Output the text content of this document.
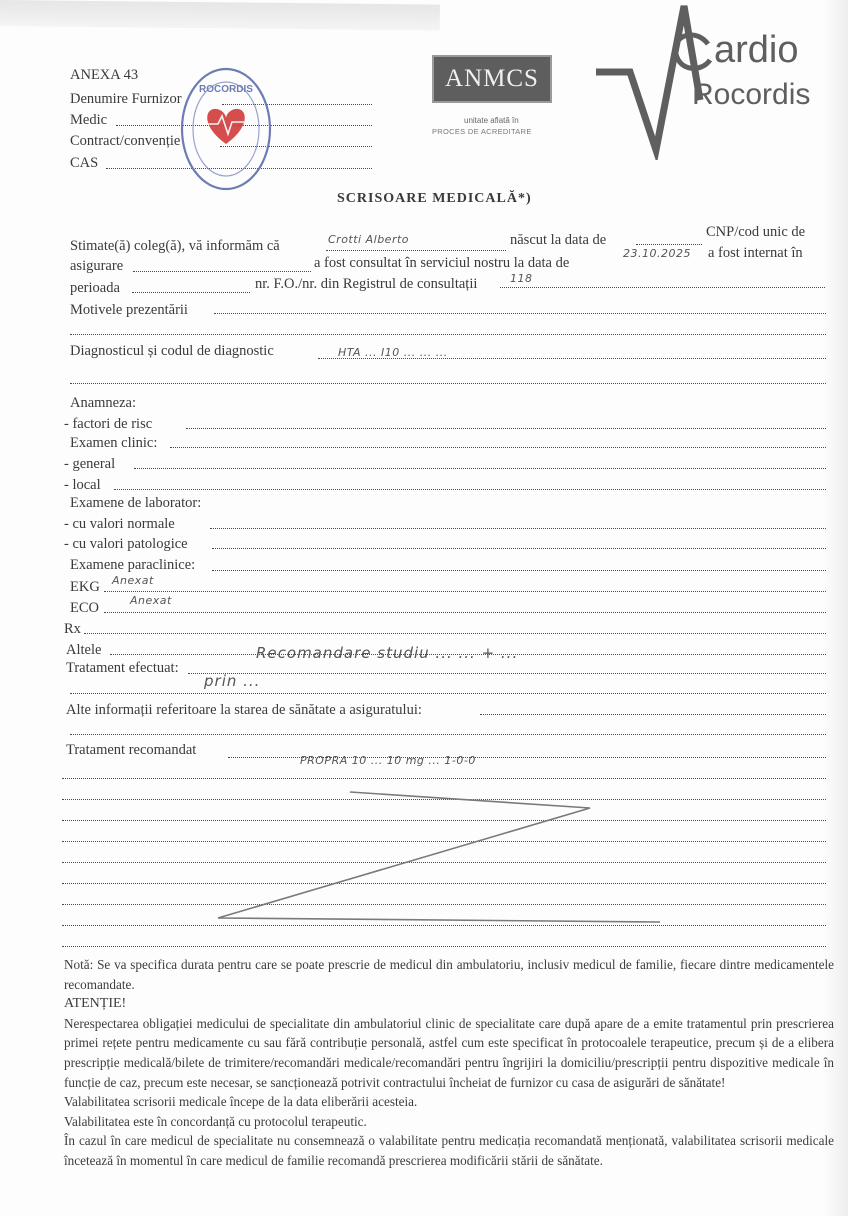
ANEXA 43
Denumire Furnizor
Medic
Contract/convenție
CAS
ROCORDIS	ANMCS
unitate aflată în
PROCES DE ACREDITARE
ardio
Rocordis
SCRISOARE MEDICALĂ*)
Stimate(ă) coleg(ă), vă informăm că	Crotti Alberto	născut la data de	CNP/cod unic de
asigurare	a fost consultat în serviciul nostru la data de
23.10.2025 a fost internat în
perioada	nr. F.O./nr. din Registrul de consultații	118
Motivele prezentării
Diagnosticul și codul de diagnostic	HTA ... I10 ... ... ...
Anamneza:
- factori de risc
Examen clinic:
- general
- local
Examene de laborator:
- cu valori normale
- cu valori patologice
Examene paraclinice:
EKG Anexat
ECO	Anexat
Rx
Altele
Tratament efectuat:
Recomandare studiu ... ... + ...
prin ...
Alte informații referitoare la starea de sănătate a asiguratului:
Tratament recomandat
PROPRA 10 ... 10 mg ... 1-0-0

Notă: Se va specifica durata pentru care se poate prescrie de medicul din ambulatoriu, inclusiv medicul de familie, fiecare dintre medicamentele recomandate.

ATENȚIE!

Nerespectarea obligației medicului de specialitate din ambulatoriul clinic de specialitate care după apare de a emite tratamentul prin prescrierea primei rețete pentru medicamente cu sau fără contribuție personală, astfel cum este specificat în protocoalele terapeutice, precum și de a elibera prescripție medicală/bilete de trimitere/recomandări medicale/recomandări pentru îngrijiri la domiciliu/prescripții pentru dispozitive medicale în funcție de caz, precum este necesar, se sancționează potrivit contractului încheiat de furnizor cu casa de asigurări de sănătate!

Valabilitatea scrisorii medicale începe de la data eliberării acesteia.

Valabilitatea este în concordanță cu protocolul terapeutic.

În cazul în care medicul de specialitate nu consemnează o valabilitate pentru medicația recomandată menționată, valabilitatea scrisorii medicale încetează în momentul în care medicul de familie recomandă prescrierea modificării stării de sănătate.
